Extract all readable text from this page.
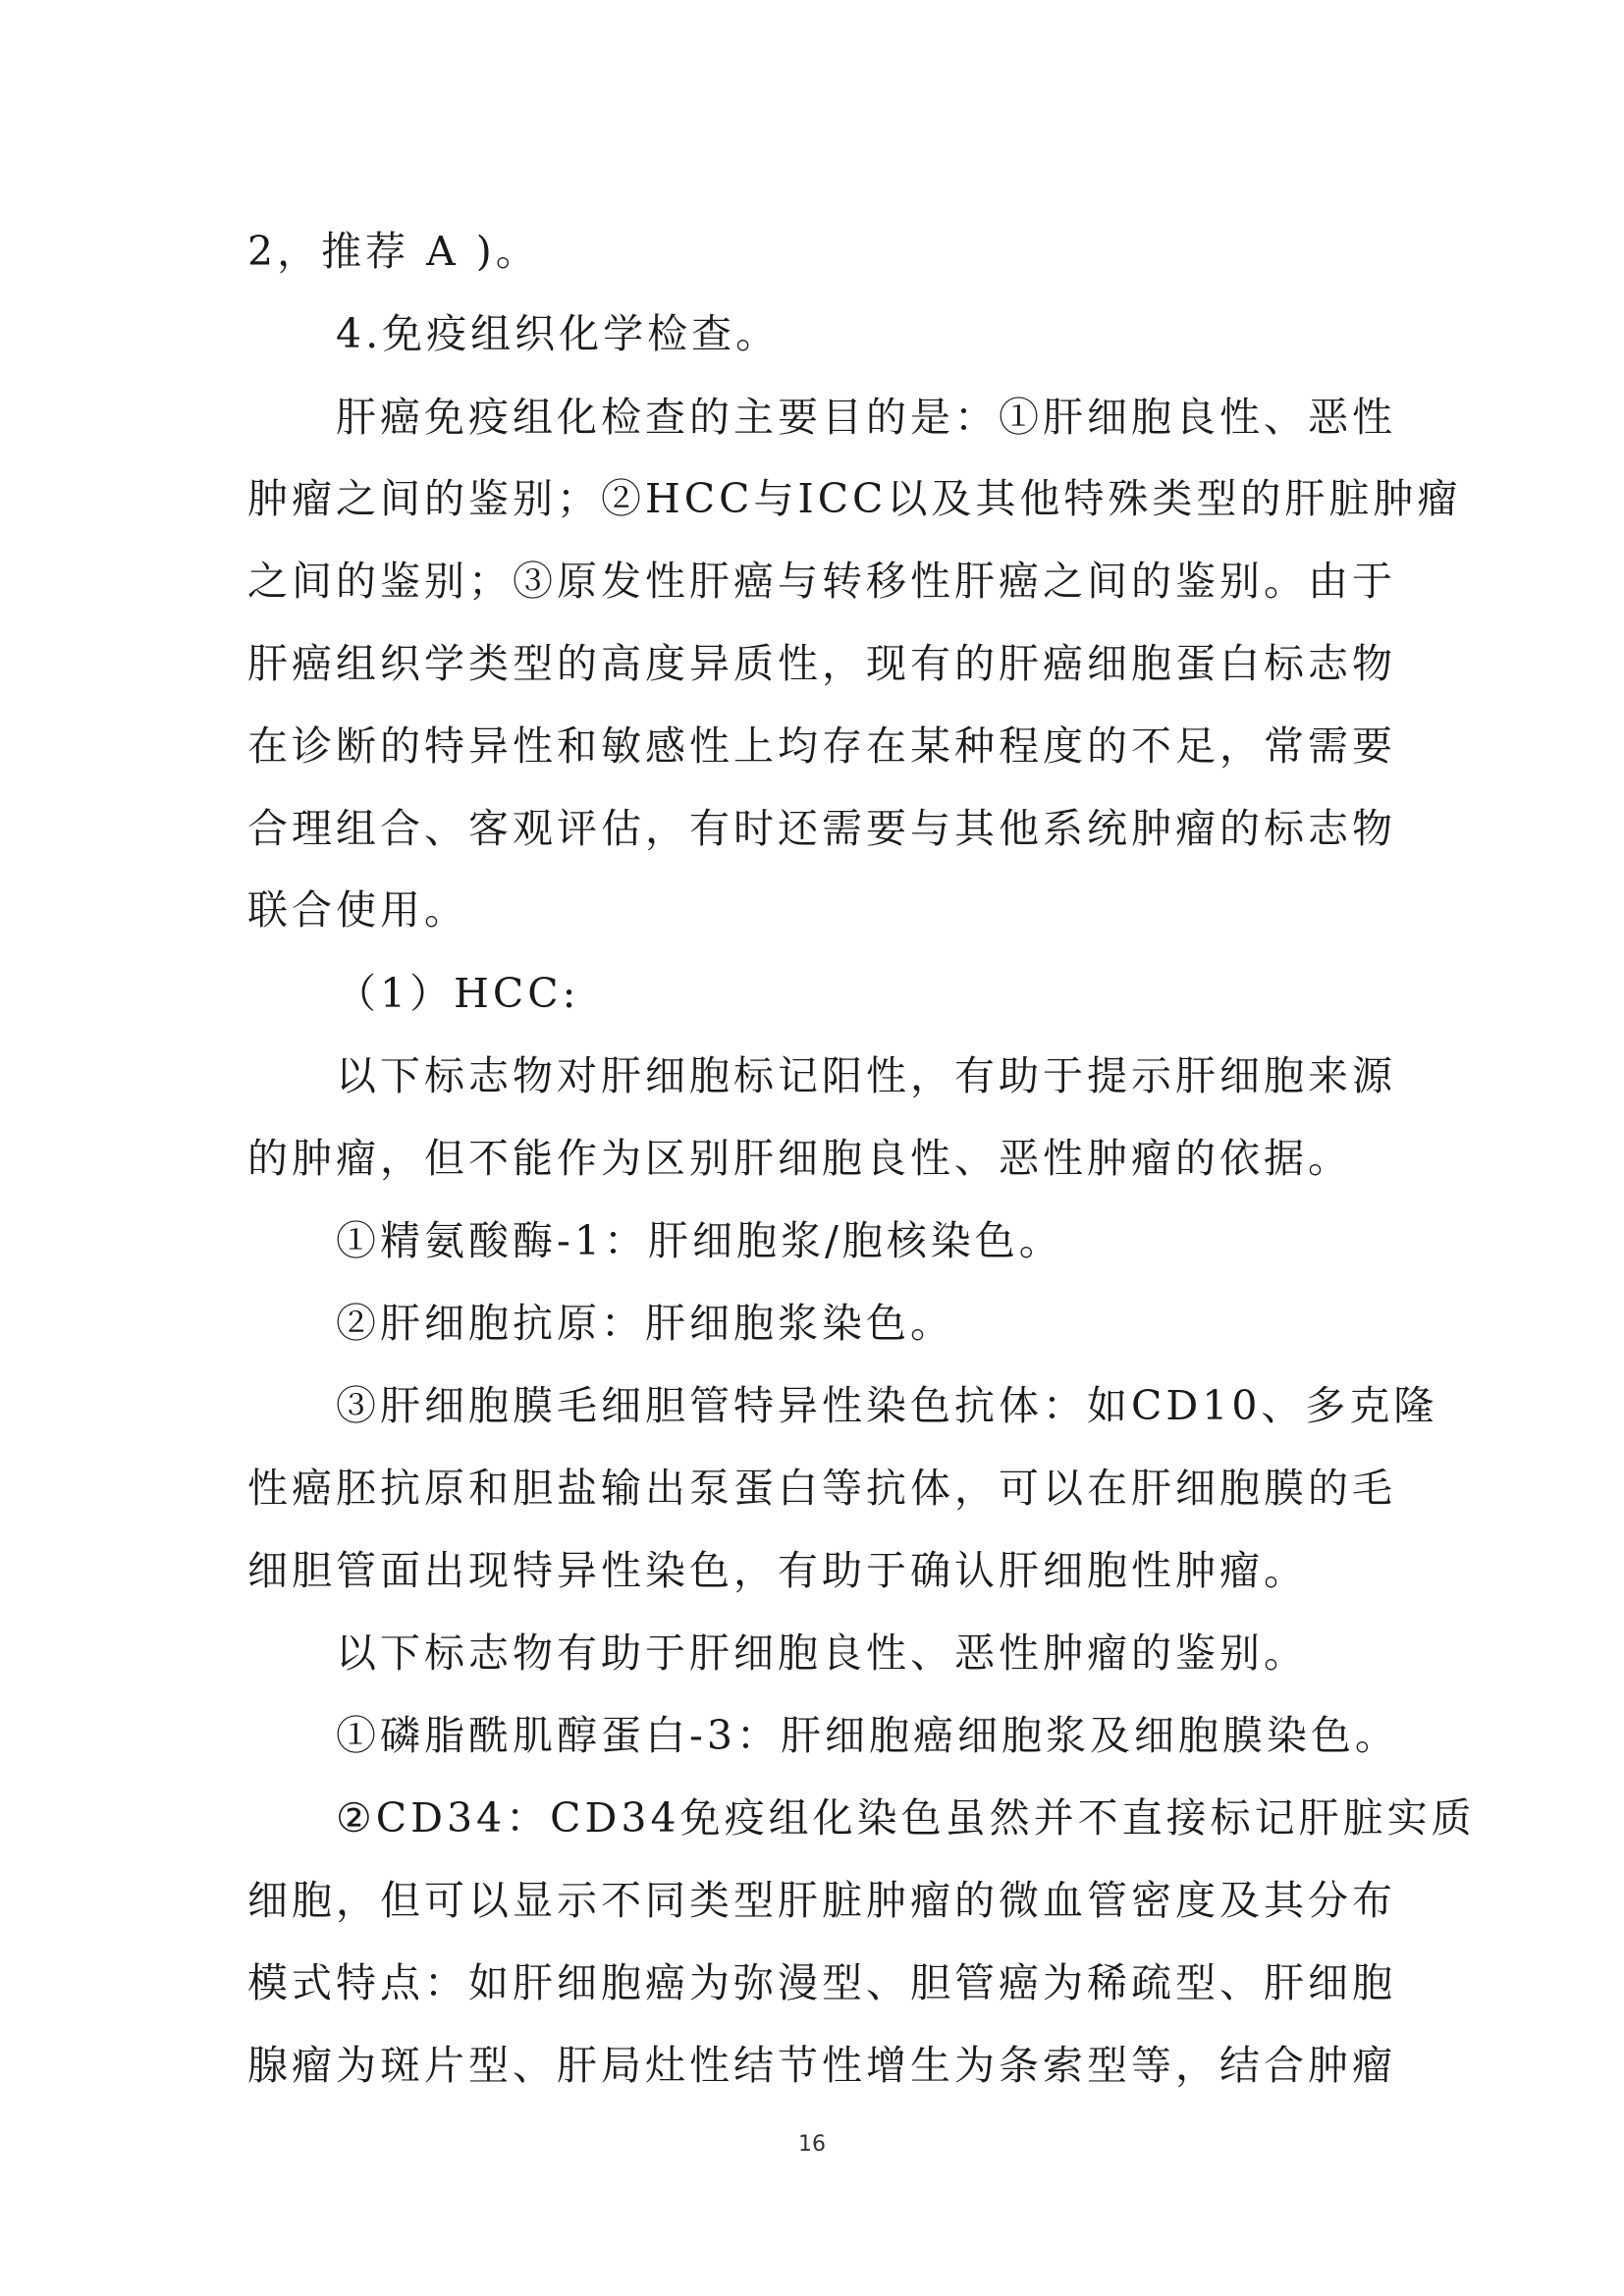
2，推荐 A )。
4.免疫组织化学检查。
肝癌免疫组化检查的主要目的是：①肝细胞良性、恶性
肿瘤之间的鉴别；②HCC与ICC以及其他特殊类型的肝脏肿瘤
之间的鉴别；③原发性肝癌与转移性肝癌之间的鉴别。由于
肝癌组织学类型的高度异质性，现有的肝癌细胞蛋白标志物
在诊断的特异性和敏感性上均存在某种程度的不足，常需要
合理组合、客观评估，有时还需要与其他系统肿瘤的标志物
联合使用。
（1）HCC:
以下标志物对肝细胞标记阳性，有助于提示肝细胞来源
的肿瘤，但不能作为区别肝细胞良性、恶性肿瘤的依据。
①精氨酸酶-1：肝细胞浆/胞核染色。
②肝细胞抗原：肝细胞浆染色。
③肝细胞膜毛细胆管特异性染色抗体：如CD10、多克隆
性癌胚抗原和胆盐输出泵蛋白等抗体，可以在肝细胞膜的毛
细胆管面出现特异性染色，有助于确认肝细胞性肿瘤。
以下标志物有助于肝细胞良性、恶性肿瘤的鉴别。
①磷脂酰肌醇蛋白-3：肝细胞癌细胞浆及细胞膜染色。
②CD34：CD34免疫组化染色虽然并不直接标记肝脏实质
细胞，但可以显示不同类型肝脏肿瘤的微血管密度及其分布
模式特点：如肝细胞癌为弥漫型、胆管癌为稀疏型、肝细胞
腺瘤为斑片型、肝局灶性结节性增生为条索型等，结合肿瘤
16
